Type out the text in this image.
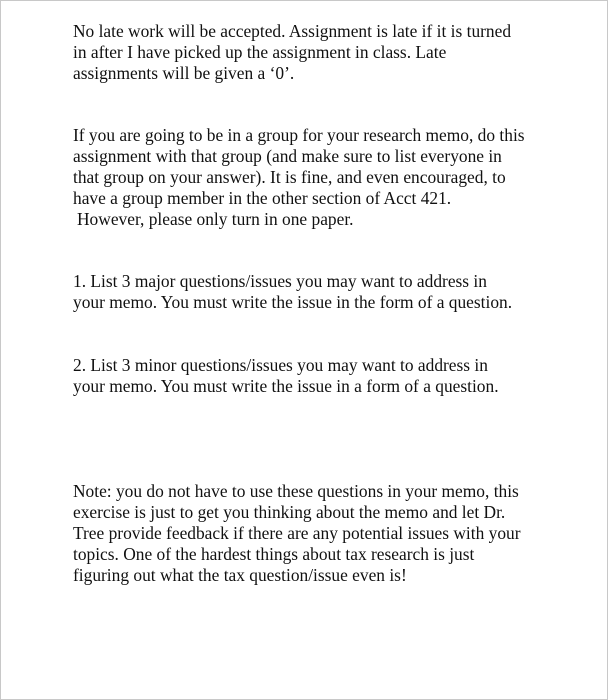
No late work will be accepted. Assignment is late if it is turned
in after I have picked up the assignment in class. Late
assignments will be given a ‘0’.

If you are going to be in a group for your research memo, do this
assignment with that group (and make sure to list everyone in
that group on your answer). It is fine, and even encouraged, to
have a group member in the other section of Acct 421.
However, please only turn in one paper.

1. List 3 major questions/issues you may want to address in
your memo. You must write the issue in the form of a question.

2. List 3 minor questions/issues you may want to address in
your memo. You must write the issue in a form of a question.

Note: you do not have to use these questions in your memo, this
exercise is just to get you thinking about the memo and let Dr.
Tree provide feedback if there are any potential issues with your
topics. One of the hardest things about tax research is just
figuring out what the tax question/issue even is!
